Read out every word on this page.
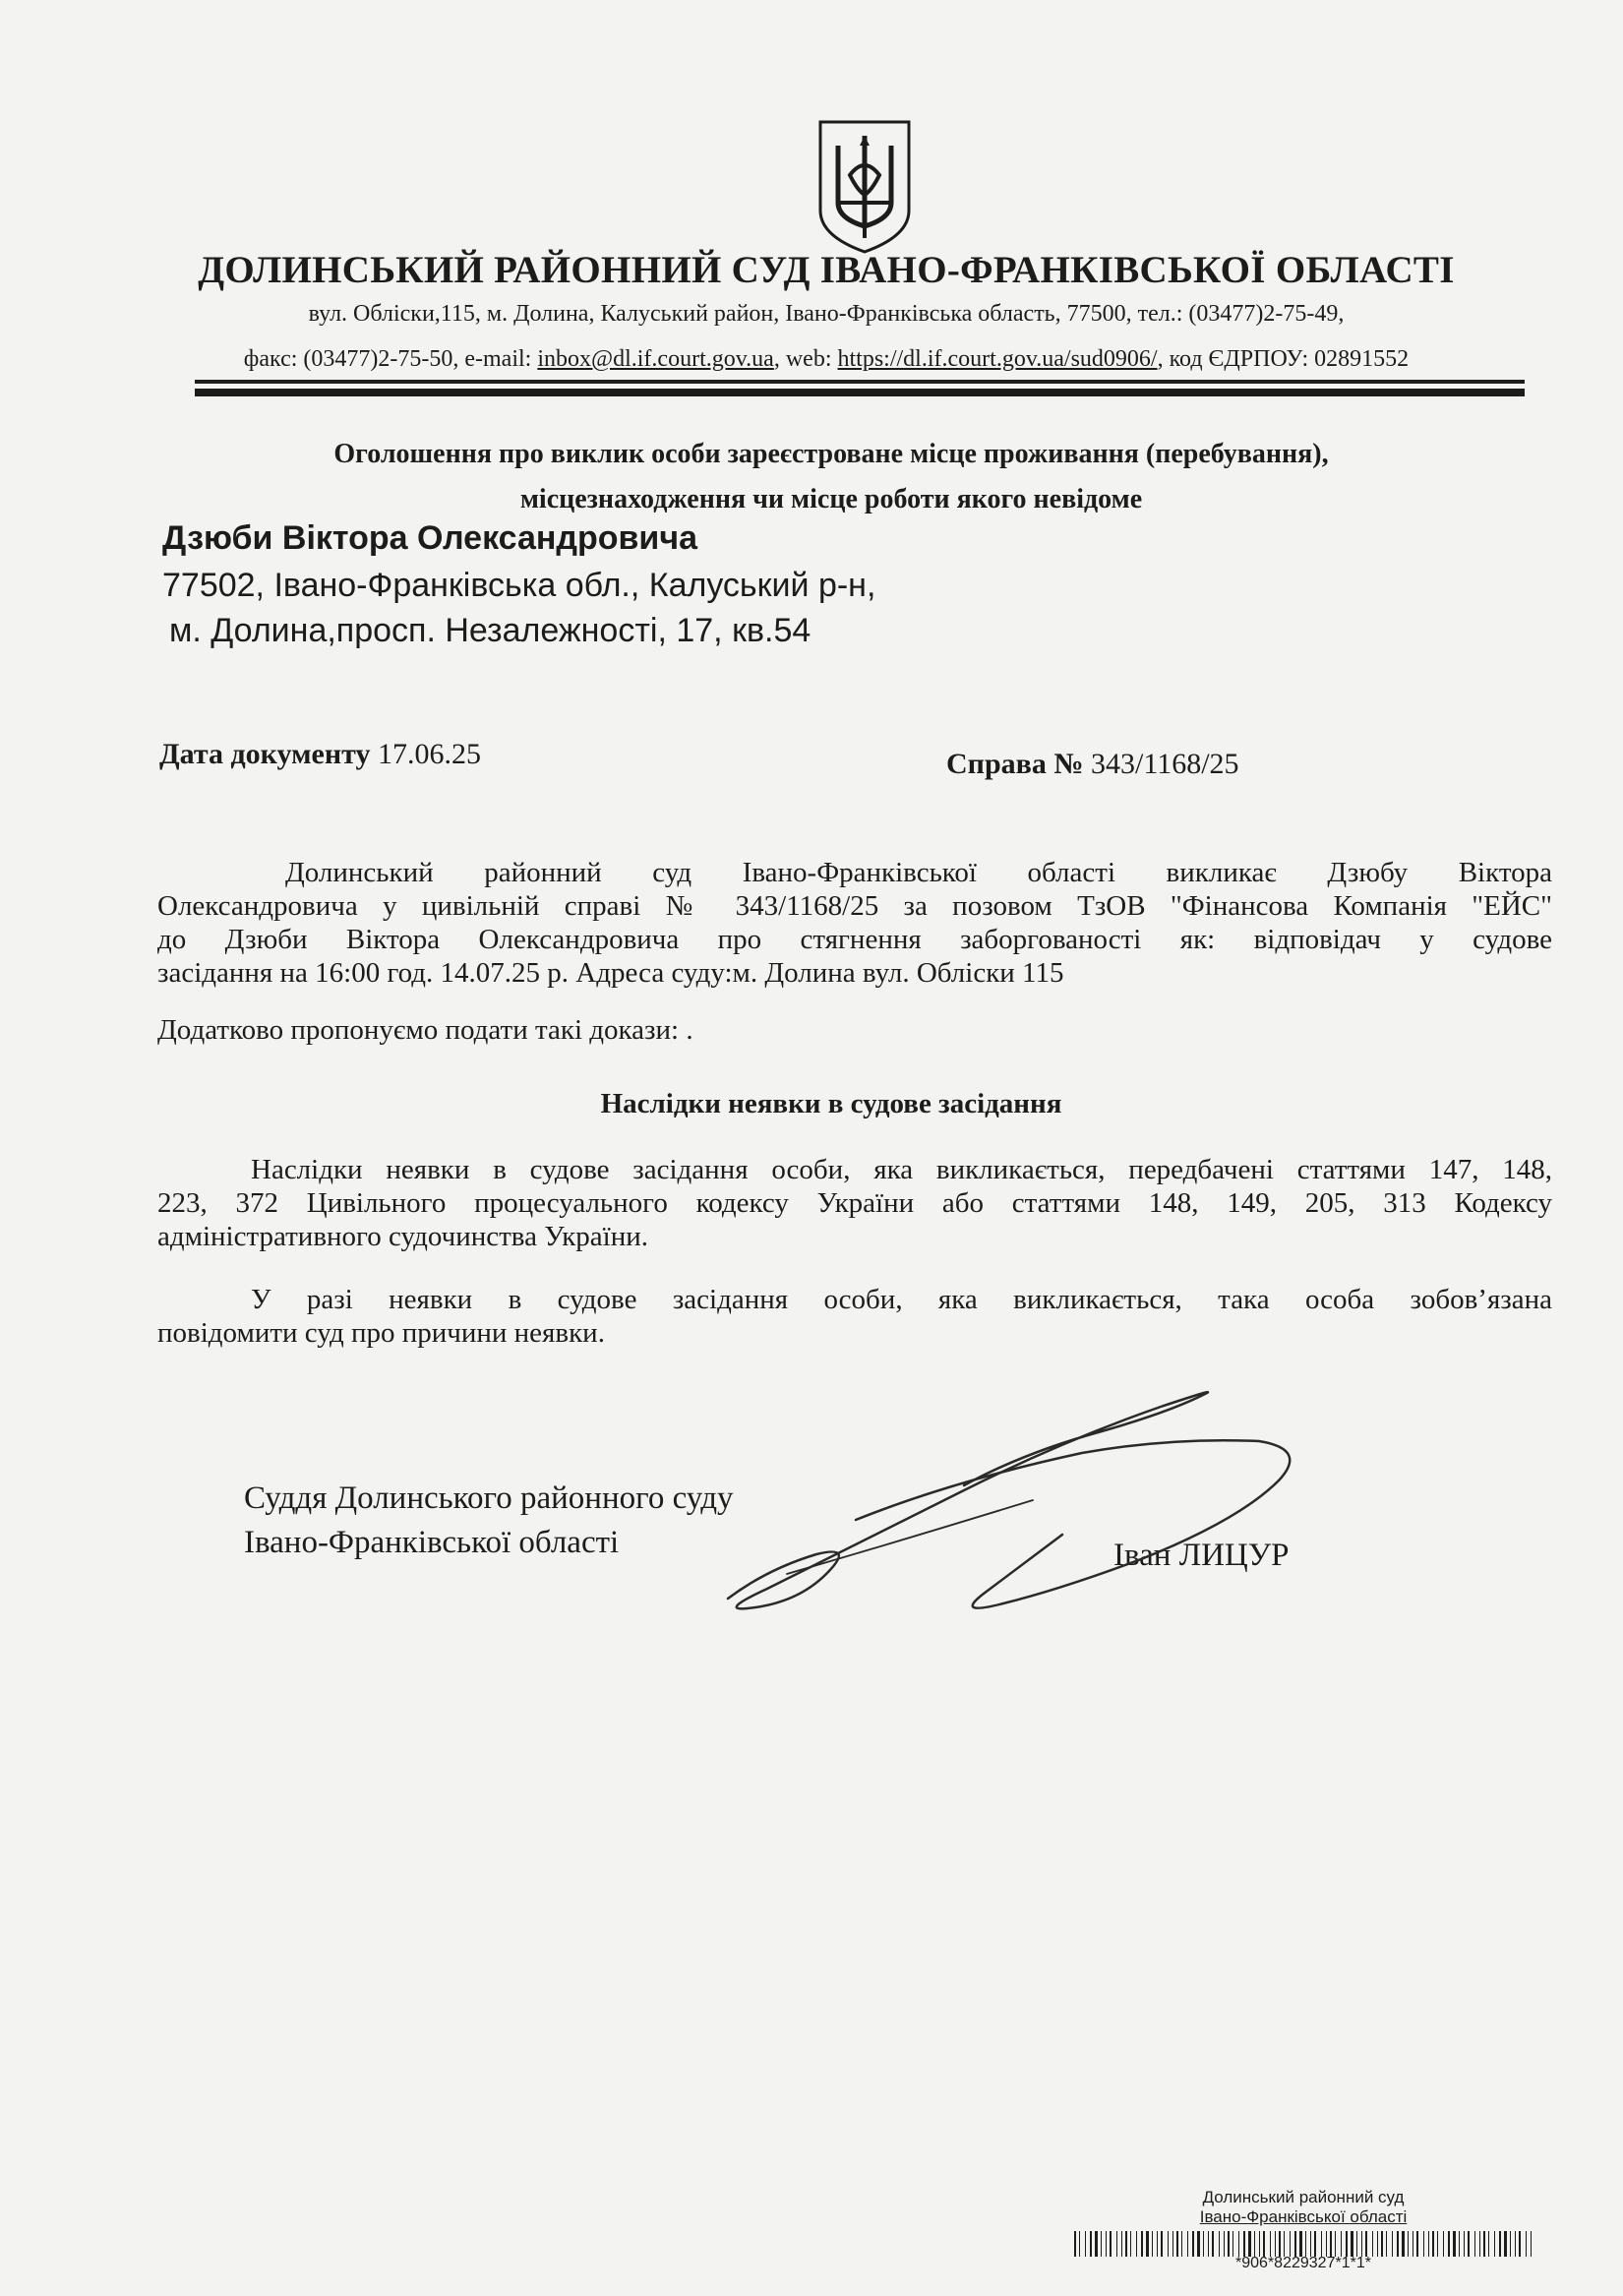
ДОЛИНСЬКИЙ РАЙОННИЙ СУД ІВАНО-ФРАНКІВСЬКОЇ ОБЛАСТІ
вул. Обліски,115, м. Долина, Калуський район, Івано-Франківська область, 77500, тел.: (03477)2-75-49,
факс: (03477)2-75-50, e-mail: inbox@dl.if.court.gov.ua, web: https://dl.if.court.gov.ua/sud0906/, код ЄДРПОУ: 02891552
Оголошення про виклик особи зареєстроване місце проживання (перебування),
місцезнаходження чи місце роботи якого невідоме
Дзюби Віктора Олександровича
77502, Івано-Франківська обл., Калуський р-н,
м. Долина,просп. Незалежності, 17, кв.54
Дата документу 17.06.25	Справа № 343/1168/25
Долинський районний суд Івано-Франківської області викликає Дзюбу Віктора
Олександровича у цивільній справі № 343/1168/25 за позовом ТзОВ "Фінансова Компанія "ЕЙС"
до Дзюби Віктора Олександровича про стягнення заборгованості як: відповідач у судове
засідання на 16:00 год. 14.07.25 р. Адреса суду:м. Долина вул. Обліски 115
Додатково пропонуємо подати такі докази: .
Наслідки неявки в судове засідання
Наслідки неявки в судове засідання особи, яка викликається, передбачені статтями 147, 148,
223, 372 Цивільного процесуального кодексу України або статтями 148, 149, 205, 313 Кодексу
адміністративного судочинства України.
У разі неявки в судове засідання особи, яка викликається, така особа зобов’язана
повідомити суд про причини неявки.
Суддя Долинського районного суду
Івано-Франківської області	Іван ЛИЦУР
Долинський районний суд
Івано-Франківської області
*906*8229327*1*1*
